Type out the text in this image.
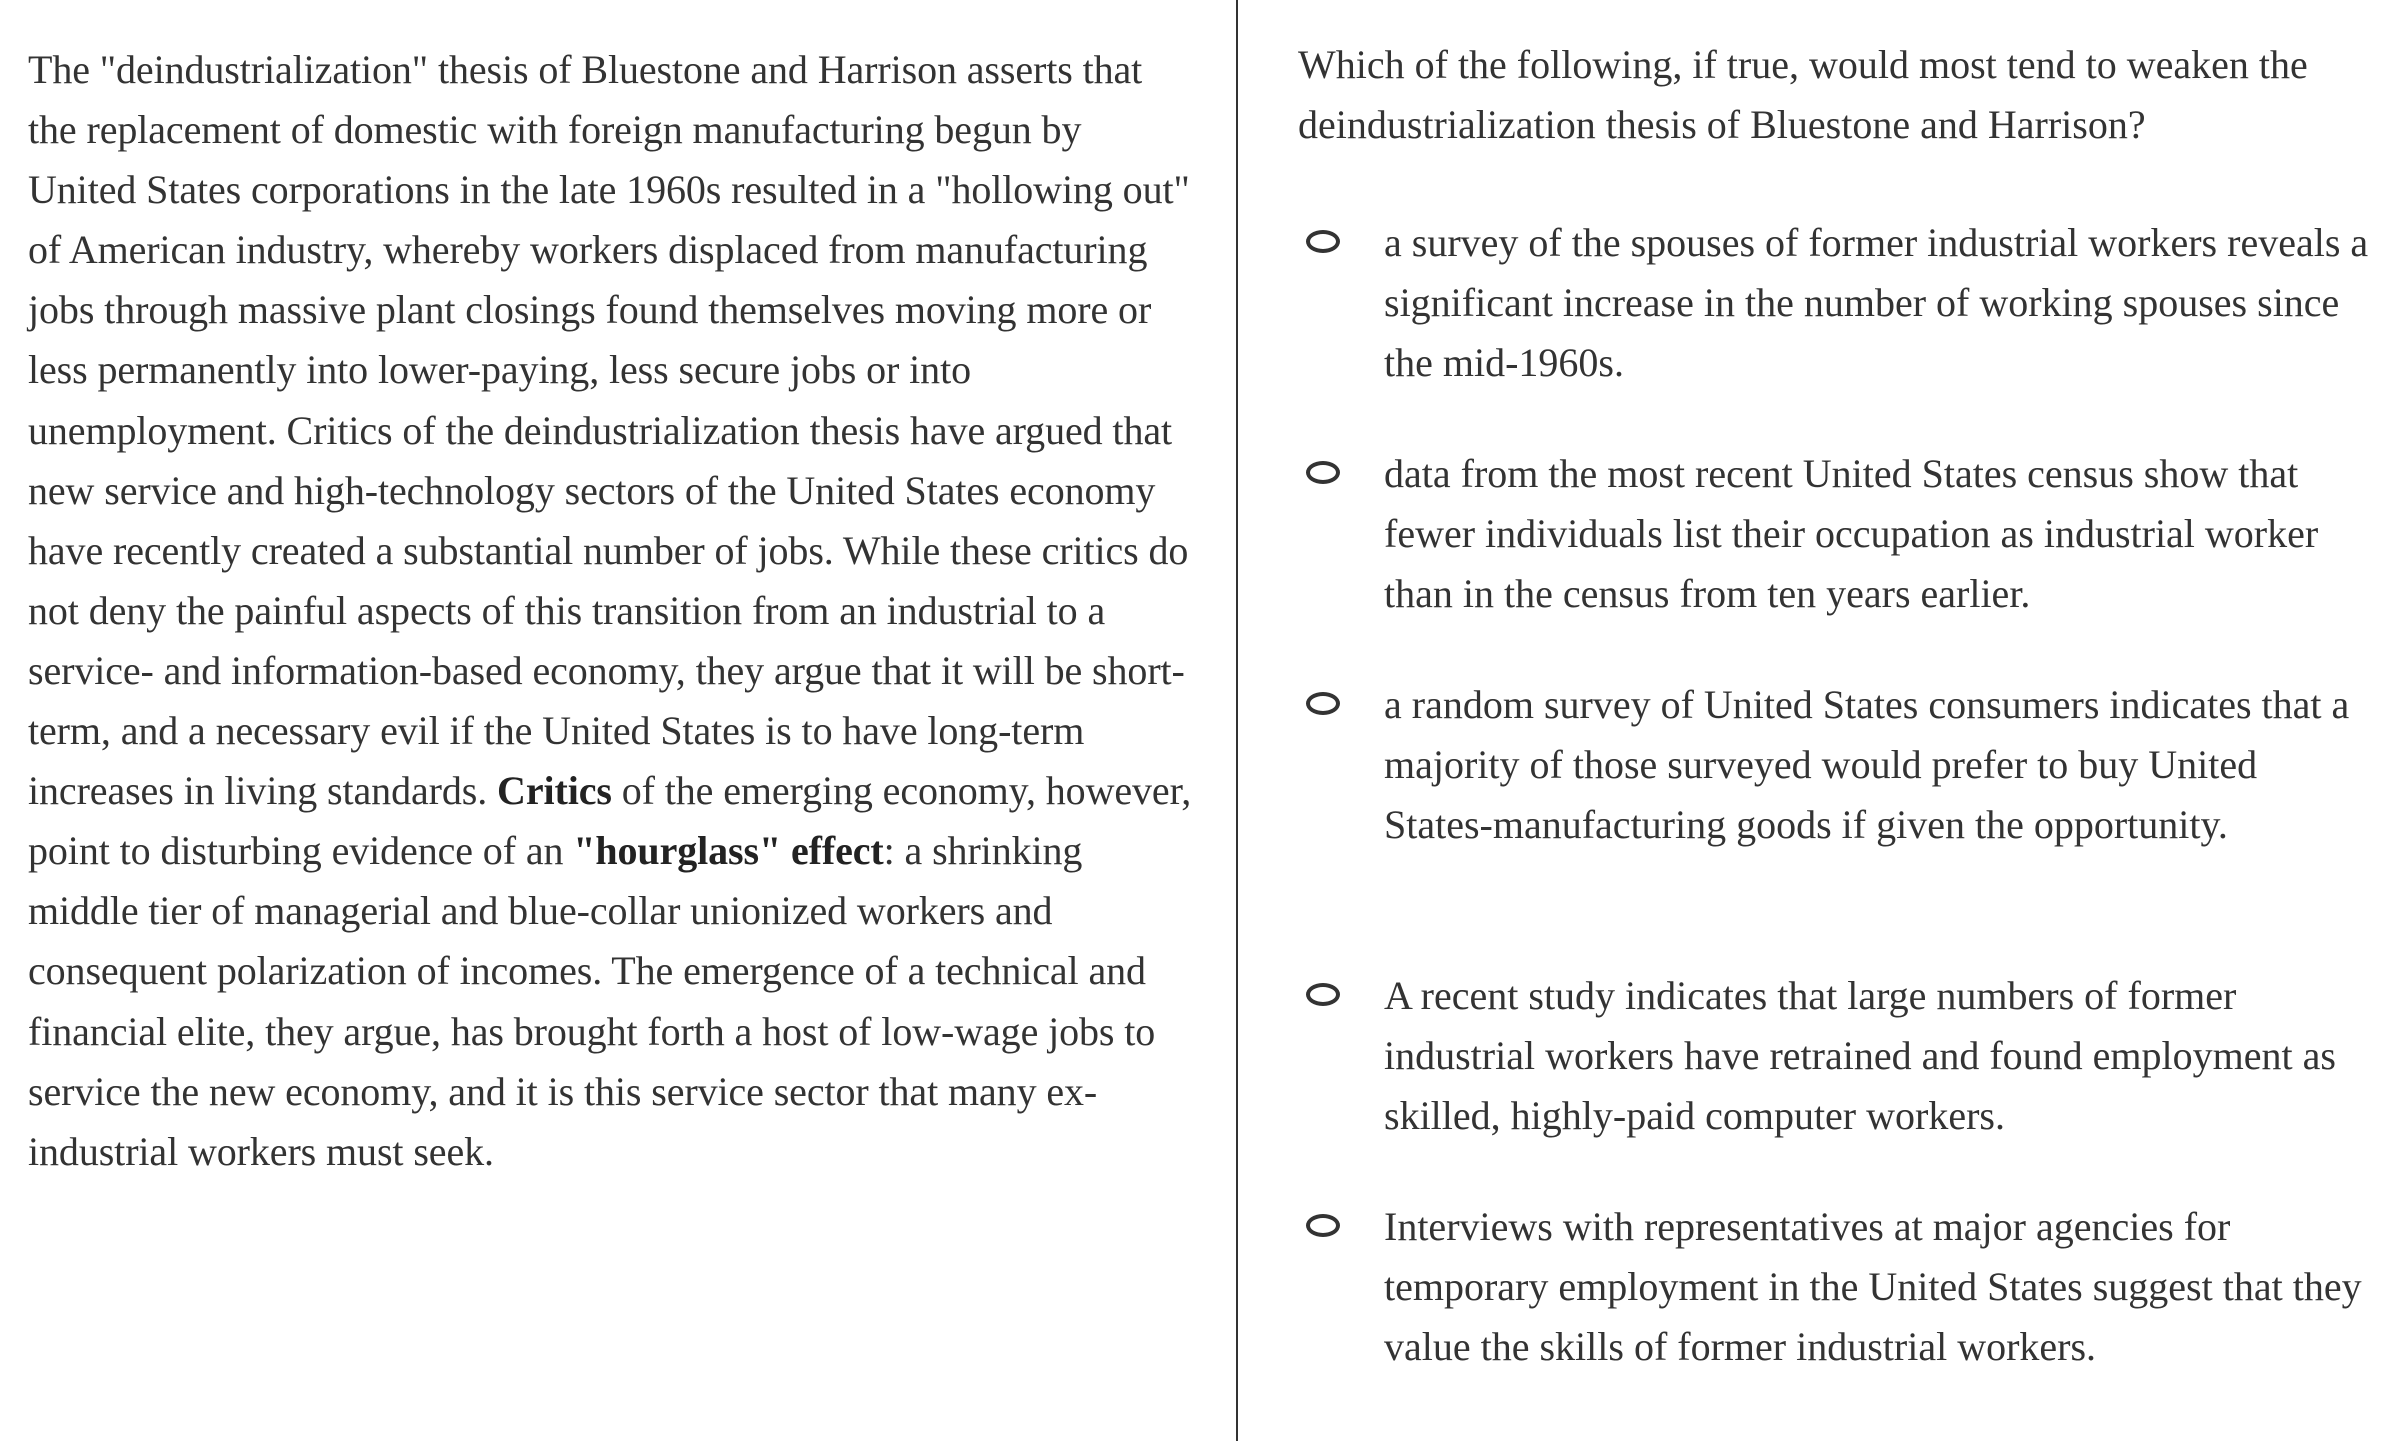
The "deindustrialization" thesis of Bluestone and Harrison asserts that the replacement of domestic with foreign manufacturing begun by United States corporations in the late 1960s resulted in a "hollowing out" of American industry, whereby workers displaced from manufacturing jobs through massive plant closings found themselves moving more or less permanently into lower-paying, less secure jobs or into unemployment. Critics of the deindustrialization thesis have argued that new service and high-technology sectors of the United States economy have recently created a substantial number of jobs. While these critics do not deny the painful aspects of this transition from an industrial to a service- and information-based economy, they argue that it will be short-term, and a necessary evil if the United States is to have long-term increases in living standards. Critics of the emerging economy, however, point to disturbing evidence of an "hourglass" effect: a shrinking middle tier of managerial and blue-collar unionized workers and consequent polarization of incomes. The emergence of a technical and financial elite, they argue, has brought forth a host of low-wage jobs to service the new economy, and it is this service sector that many ex-industrial workers must seek.

Which of the following, if true, would most tend to weaken the deindustrialization thesis of Bluestone and Harrison?

a survey of the spouses of former industrial workers reveals a significant increase in the number of working spouses since the mid-1960s.
data from the most recent United States census show that fewer individuals list their occupation as industrial worker than in the census from ten years earlier.
a random survey of United States consumers indicates that a majority of those surveyed would prefer to buy United States-manufacturing goods if given the opportunity.
A recent study indicates that large numbers of former industrial workers have retrained and found employment as skilled, highly-paid computer workers.
Interviews with representatives at major agencies for temporary employment in the United States suggest that they value the skills of former industrial workers.
